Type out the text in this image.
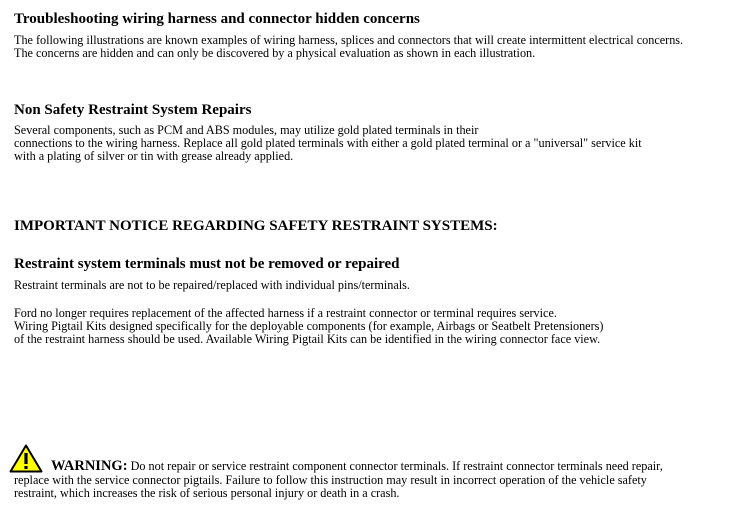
Troubleshooting wiring harness and connector hidden concerns
The following illustrations are known examples of wiring harness, splices and connectors that will create intermittent electrical concerns.
The concerns are hidden and can only be discovered by a physical evaluation as shown in each illustration.
Non Safety Restraint System Repairs
Several components, such as PCM and ABS modules, may utilize gold plated terminals in their
connections to the wiring harness. Replace all gold plated terminals with either a gold plated terminal or a "universal" service kit
with a plating of silver or tin with grease already applied.
IMPORTANT NOTICE REGARDING SAFETY RESTRAINT SYSTEMS:
Restraint system terminals must not be removed or repaired
Restraint terminals are not to be repaired/replaced with individual pins/terminals.
Ford no longer requires replacement of the affected harness if a restraint connector or terminal requires service.
Wiring Pigtail Kits designed specifically for the deployable components (for example, Airbags or Seatbelt Pretensioners)
of the restraint harness should be used. Available Wiring Pigtail Kits can be identified in the wiring connector face view.
WARNING: Do not repair or service restraint component connector terminals. If restraint connector terminals need repair,
replace with the service connector pigtails. Failure to follow this instruction may result in incorrect operation of the vehicle safety
restraint, which increases the risk of serious personal injury or death in a crash.
